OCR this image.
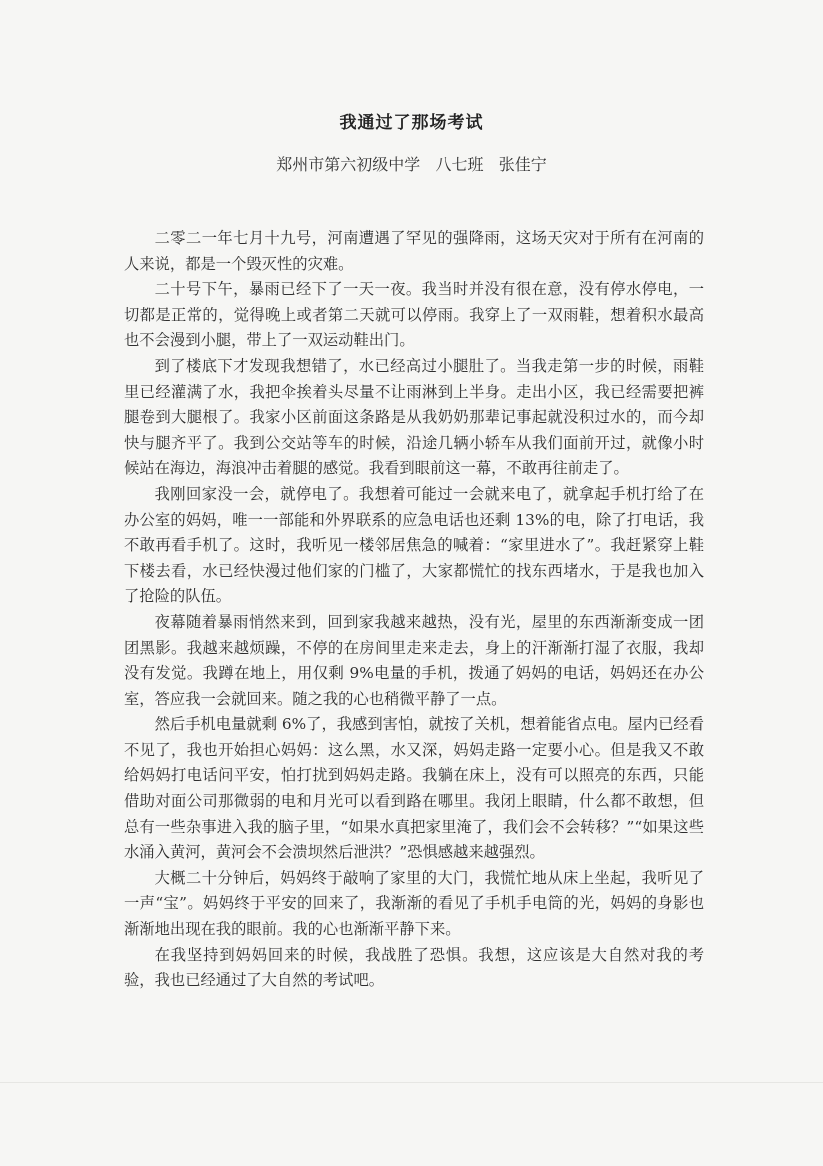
我通过了那场考试
郑州市第六初级中学   八七班   张佳宁

二零二一年七月十九号，河南遭遇了罕见的强降雨，这场天灾对于所有在河南的人来说，都是一个毁灭性的灾难。

二十号下午，暴雨已经下了一天一夜。我当时并没有很在意，没有停水停电，一切都是正常的，觉得晚上或者第二天就可以停雨。我穿上了一双雨鞋，想着积水最高也不会漫到小腿，带上了一双运动鞋出门。

到了楼底下才发现我想错了，水已经高过小腿肚了。当我走第一步的时候，雨鞋里已经灌满了水，我把伞挨着头尽量不让雨淋到上半身。走出小区，我已经需要把裤腿卷到大腿根了。我家小区前面这条路是从我奶奶那辈记事起就没积过水的，而今却快与腿齐平了。我到公交站等车的时候，沿途几辆小轿车从我们面前开过，就像小时候站在海边，海浪冲击着腿的感觉。我看到眼前这一幕，不敢再往前走了。

我刚回家没一会，就停电了。我想着可能过一会就来电了，就拿起手机打给了在办公室的妈妈，唯一一部能和外界联系的应急电话也还剩 13%的电，除了打电话，我不敢再看手机了。这时，我听见一楼邻居焦急的喊着：“家里进水了”。我赶紧穿上鞋下楼去看，水已经快漫过他们家的门槛了，大家都慌忙的找东西堵水，于是我也加入了抢险的队伍。

夜幕随着暴雨悄然来到，回到家我越来越热，没有光，屋里的东西渐渐变成一团团黑影。我越来越烦躁，不停的在房间里走来走去，身上的汗渐渐打湿了衣服，我却没有发觉。我蹲在地上，用仅剩 9%电量的手机，拨通了妈妈的电话，妈妈还在办公室，答应我一会就回来。随之我的心也稍微平静了一点。

然后手机电量就剩 6%了，我感到害怕，就按了关机，想着能省点电。屋内已经看不见了，我也开始担心妈妈：这么黑，水又深，妈妈走路一定要小心。但是我又不敢给妈妈打电话问平安，怕打扰到妈妈走路。我躺在床上，没有可以照亮的东西，只能借助对面公司那微弱的电和月光可以看到路在哪里。我闭上眼睛，什么都不敢想，但总有一些杂事进入我的脑子里，“如果水真把家里淹了，我们会不会转移？”“如果这些水涌入黄河，黄河会不会溃坝然后泄洪？”恐惧感越来越强烈。

大概二十分钟后，妈妈终于敲响了家里的大门，我慌忙地从床上坐起，我听见了一声“宝”。妈妈终于平安的回来了，我渐渐的看见了手机手电筒的光，妈妈的身影也渐渐地出现在我的眼前。我的心也渐渐平静下来。

在我坚持到妈妈回来的时候，我战胜了恐惧。我想，这应该是大自然对我的考验，我也已经通过了大自然的考试吧。
